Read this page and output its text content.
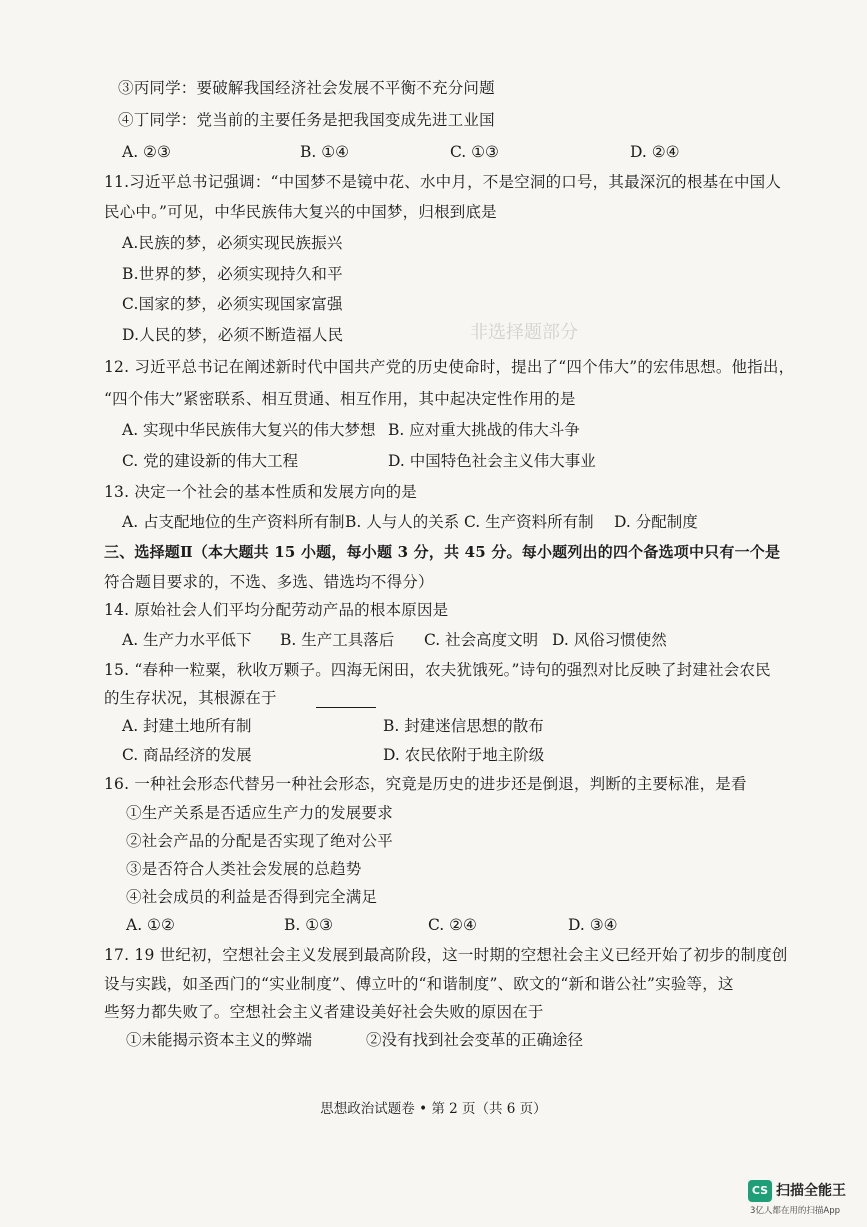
非选择题部分
③丙同学：要破解我国经济社会发展不平衡不充分问题
④丁同学：党当前的主要任务是把我国变成先进工业国
A. ②③	B. ①④	C. ①③	D. ②④
11.习近平总书记强调：“中国梦不是镜中花、水中月，不是空洞的口号，其最深沉的根基在中国人
民心中。”可见，中华民族伟大复兴的中国梦，归根到底是
A.民族的梦，必须实现民族振兴
B.世界的梦，必须实现持久和平
C.国家的梦，必须实现国家富强
D.人民的梦，必须不断造福人民
12. 习近平总书记在阐述新时代中国共产党的历史使命时，提出了“四个伟大”的宏伟思想。他指出，
“四个伟大”紧密联系、相互贯通、相互作用，其中起决定性作用的是
A. 实现中华民族伟大复兴的伟大梦想 B. 应对重大挑战的伟大斗争
C. 党的建设新的伟大工程	D. 中国特色社会主义伟大事业
13. 决定一个社会的基本性质和发展方向的是
A. 占支配地位的生产资料所有制 B. 人与人的关系 C. 生产资料所有制 D. 分配制度
三、选择题Ⅱ（本大题共 15 小题，每小题 3 分，共 45 分。每小题列出的四个备选项中只有一个是
符合题目要求的，不选、多选、错选均不得分）
14. 原始社会人们平均分配劳动产品的根本原因是
A. 生产力水平低下 B. 生产工具落后 C. 社会高度文明 D. 风俗习惯使然
15. “春种一粒粟，秋收万颗子。四海无闲田，农夫犹饿死。”诗句的强烈对比反映了封建社会农民
的生存状况，其根源在于
A. 封建土地所有制	B. 封建迷信思想的散布
C. 商品经济的发展	D. 农民依附于地主阶级
16. 一种社会形态代替另一种社会形态，究竟是历史的进步还是倒退，判断的主要标准，是看
①生产关系是否适应生产力的发展要求
②社会产品的分配是否实现了绝对公平
③是否符合人类社会发展的总趋势
④社会成员的利益是否得到完全满足
A. ①②	B. ①③	C. ②④	D. ③④
17. 19 世纪初，空想社会主义发展到最高阶段，这一时期的空想社会主义已经开始了初步的制度创
设与实践，如圣西门的“实业制度”、傅立叶的“和谐制度”、欧文的“新和谐公社”实验等，这
些努力都失败了。空想社会主义者建设美好社会失败的原因在于
①未能揭示资本主义的弊端	②没有找到社会变革的正确途径
思想政治试题卷 • 第 2 页（共 6 页）
CS 扫描全能王
3亿人都在用的扫描App
